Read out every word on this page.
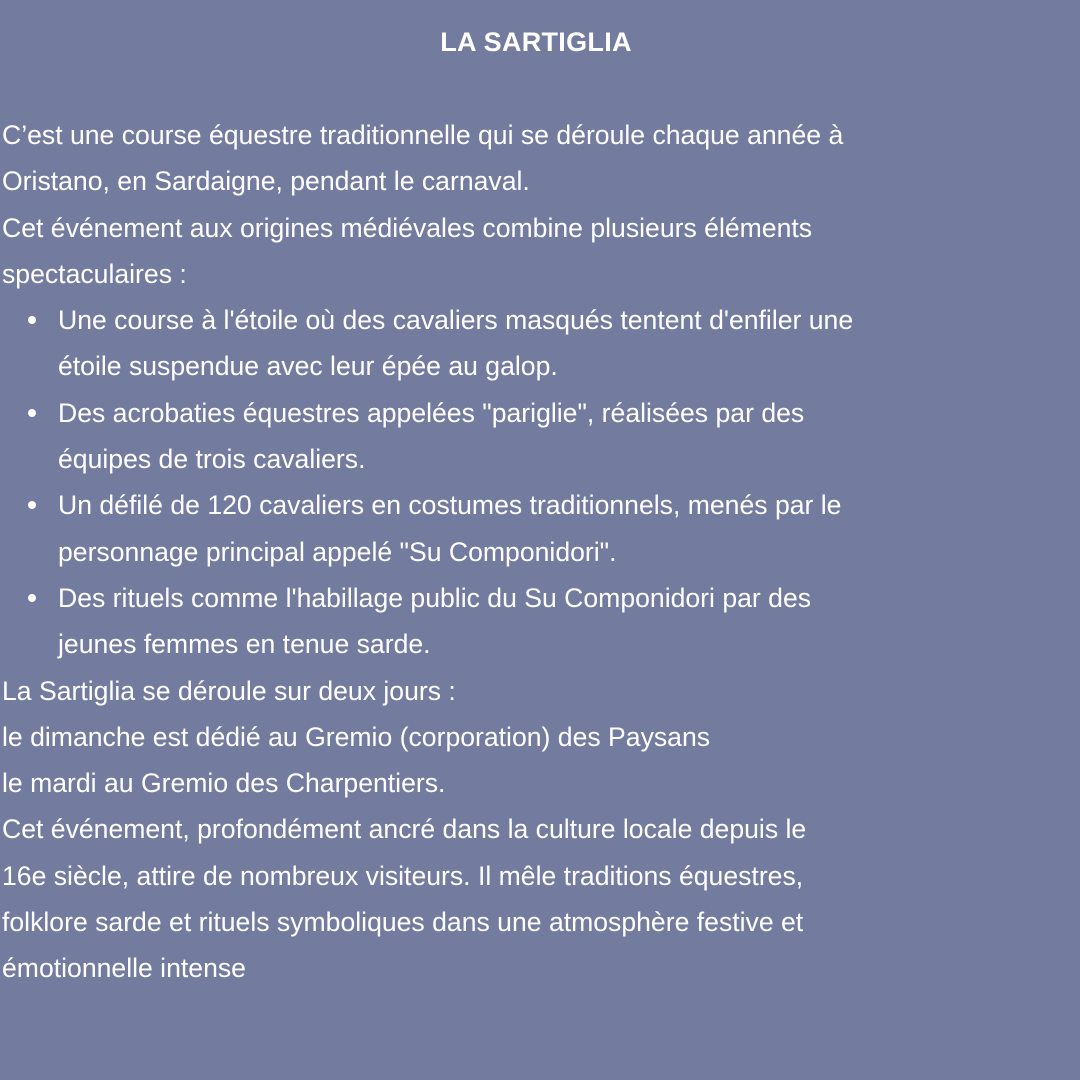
LA SARTIGLIA
C’est une course équestre traditionnelle qui se déroule chaque année à
Oristano, en Sardaigne, pendant le carnaval.
Cet événement aux origines médiévales combine plusieurs éléments
spectaculaires :
Une course à l'étoile où des cavaliers masqués tentent d'enfiler une
étoile suspendue avec leur épée au galop.
Des acrobaties équestres appelées "pariglie", réalisées par des
équipes de trois cavaliers.
Un défilé de 120 cavaliers en costumes traditionnels, menés par le
personnage principal appelé "Su Componidori".
Des rituels comme l'habillage public du Su Componidori par des
jeunes femmes en tenue sarde.
La Sartiglia se déroule sur deux jours :
le dimanche est dédié au Gremio (corporation) des Paysans
le mardi au Gremio des Charpentiers.
Cet événement, profondément ancré dans la culture locale depuis le
16e siècle, attire de nombreux visiteurs. Il mêle traditions équestres,
folklore sarde et rituels symboliques dans une atmosphère festive et
émotionnelle intense
